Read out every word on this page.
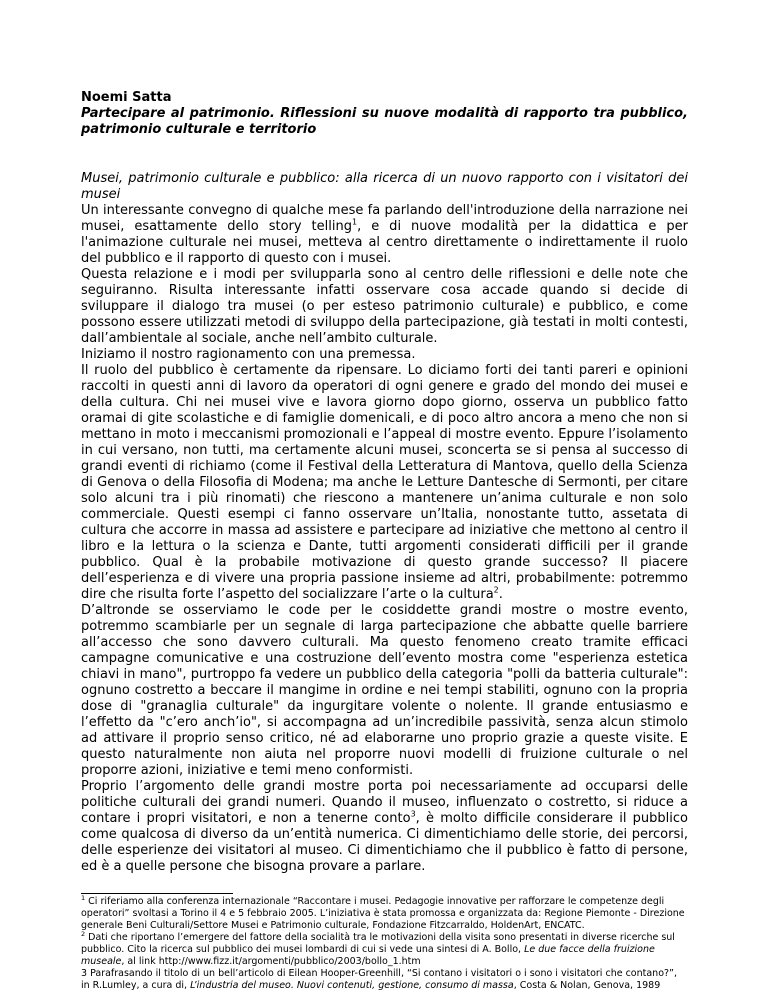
Noemi Satta

Partecipare al patrimonio. Riflessioni su nuove modalità di rapporto tra pubblico, patrimonio culturale e territorio

Musei, patrimonio culturale e pubblico: alla ricerca di un nuovo rapporto con i visitatori dei musei

Un interessante convegno di qualche mese fa parlando dell'introduzione della narrazione nei musei, esattamente dello story telling$^1$, e di nuove modalità per la didattica e per l'animazione culturale nei musei, metteva al centro direttamente o indirettamente il ruolo del pubblico e il rapporto di questo con i musei.

Questa relazione e i modi per svilupparla sono al centro delle riflessioni e delle note che seguiranno. Risulta interessante infatti osservare cosa accade quando si decide di sviluppare il dialogo tra musei (o per esteso patrimonio culturale) e pubblico, e come possono essere utilizzati metodi di sviluppo della partecipazione, già testati in molti contesti, dall’ambientale al sociale, anche nell’ambito culturale.

Iniziamo il nostro ragionamento con una premessa.

Il ruolo del pubblico è certamente da ripensare. Lo diciamo forti dei tanti pareri e opinioni raccolti in questi anni di lavoro da operatori di ogni genere e grado del mondo dei musei e della cultura. Chi nei musei vive e lavora giorno dopo giorno, osserva un pubblico fatto oramai di gite scolastiche e di famiglie domenicali, e di poco altro ancora a meno che non si mettano in moto i meccanismi promozionali e l’appeal di mostre evento. Eppure l’isolamento in cui versano, non tutti, ma certamente alcuni musei, sconcerta se si pensa al successo di grandi eventi di richiamo (come il Festival della Letteratura di Mantova, quello della Scienza di Genova o della Filosofia di Modena; ma anche le Letture Dantesche di Sermonti, per citare solo alcuni tra i più rinomati) che riescono a mantenere un’anima culturale e non solo commerciale. Questi esempi ci fanno osservare un’Italia, nonostante tutto, assetata di cultura che accorre in massa ad assistere e partecipare ad iniziative che mettono al centro il libro e la lettura o la scienza e Dante, tutti argomenti considerati difficili per il grande pubblico. Qual è la probabile motivazione di questo grande successo? Il piacere dell’esperienza e di vivere una propria passione insieme ad altri, probabilmente: potremmo dire che risulta forte l’aspetto del socializzare l’arte o la cultura$^2$.

D’altronde se osserviamo le code per le cosiddette grandi mostre o mostre evento, potremmo scambiarle per un segnale di larga partecipazione che abbatte quelle barriere all’accesso che sono davvero culturali. Ma questo fenomeno creato tramite efficaci campagne comunicative e una costruzione dell’evento mostra come "esperienza estetica chiavi in mano", purtroppo fa vedere un pubblico della categoria "polli da batteria culturale": ognuno costretto a beccare il mangime in ordine e nei tempi stabiliti, ognuno con la propria dose di "granaglia culturale" da ingurgitare volente o nolente. Il grande entusiasmo e l’effetto da "c’ero anch’io", si accompagna ad un’incredibile passività, senza alcun stimolo ad attivare il proprio senso critico, né ad elaborarne uno proprio grazie a queste visite. E questo naturalmente non aiuta nel proporre nuovi modelli di fruizione culturale o nel proporre azioni, iniziative e temi meno conformisti.

Proprio l’argomento delle grandi mostre porta poi necessariamente ad occuparsi delle politiche culturali dei grandi numeri. Quando il museo, influenzato o costretto, si riduce a contare i propri visitatori, e non a tenerne conto$^3$, è molto difficile considerare il pubblico come qualcosa di diverso da un’entità numerica. Ci dimentichiamo delle storie, dei percorsi, delle esperienze dei visitatori al museo. Ci dimentichiamo che il pubblico è fatto di persone, ed è a quelle persone che bisogna provare a parlare.

$^1$ Ci riferiamo alla conferenza internazionale “Raccontare i musei. Pedagogie innovative per rafforzare le competenze degli operatori” svoltasi a Torino il 4 e 5 febbraio 2005. L’iniziativa è stata promossa e organizzata da: Regione Piemonte - Direzione generale Beni Culturali/Settore Musei e Patrimonio culturale, Fondazione Fitzcarraldo, HoldenArt, ENCATC.

$^2$ Dati che riportano l’emergere del fattore della socialità tra le motivazioni della visita sono presentati in diverse ricerche sul pubblico. Cito la ricerca sul pubblico dei musei lombardi di cui si vede una sintesi di A. Bollo, Le due facce della fruizione museale, al link http://www.fizz.it/argomenti/pubblico/2003/bollo_1.htm

3 Parafrasando il titolo di un bell’articolo di Eilean Hooper-Greenhill, “Si contano i visitatori o i sono i visitatori che contano?”, in R.Lumley, a cura di, L’industria del museo. Nuovi contenuti, gestione, consumo di massa, Costa & Nolan, Genova, 1989
